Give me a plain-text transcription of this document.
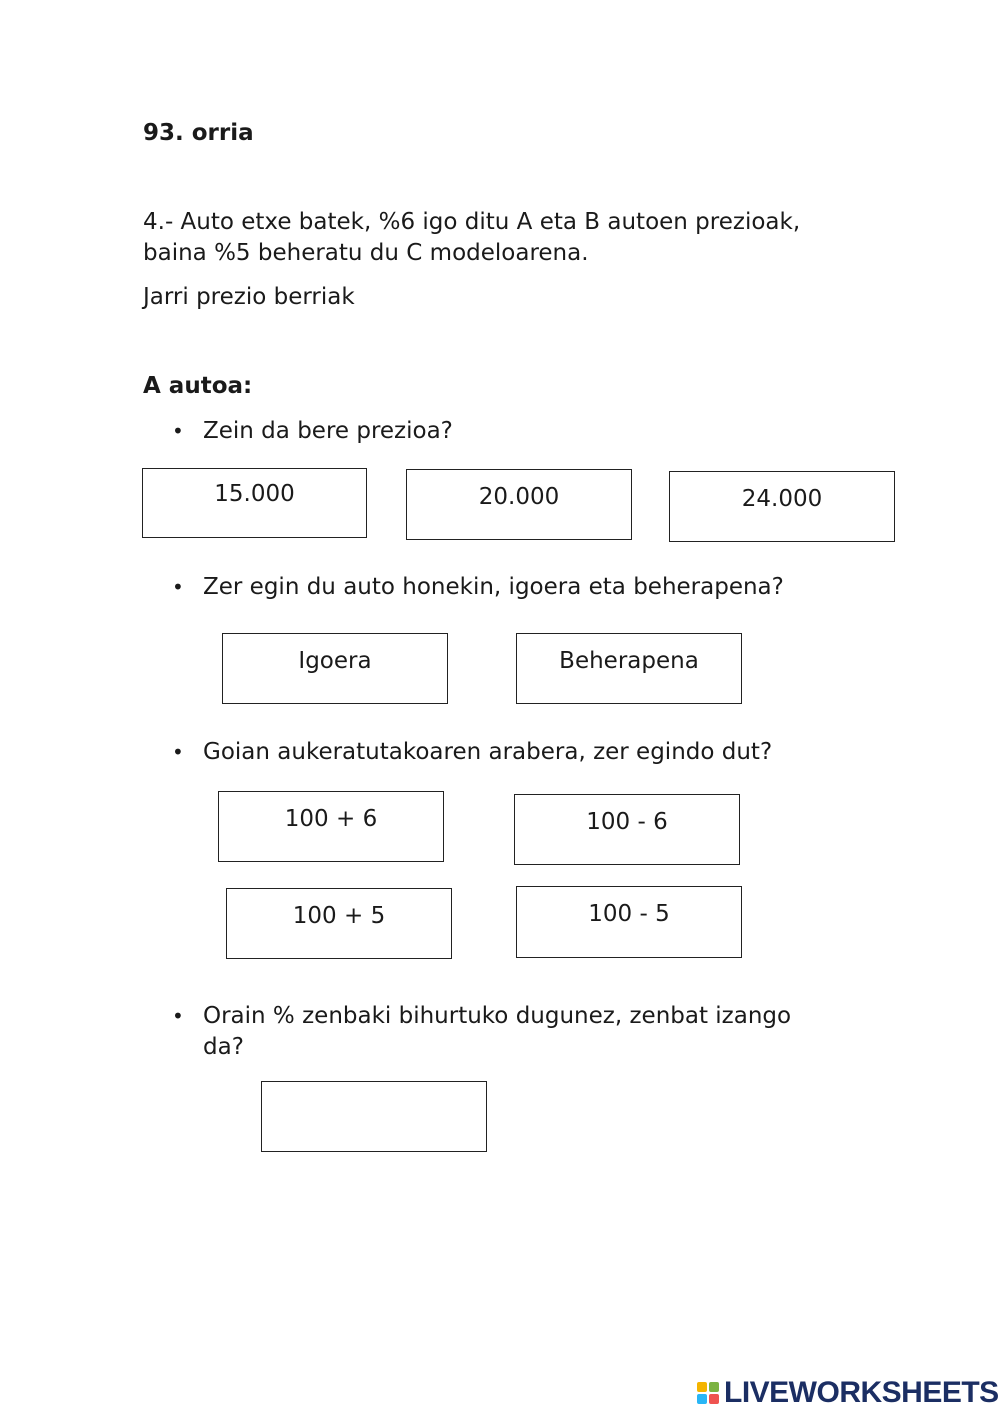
93. orria
4.- Auto etxe batek, %6 igo ditu A eta B autoen prezioak,
baina %5 beheratu du C modeloarena.
Jarri prezio berriak
A autoa:
• Zein da bere prezioa?
15.000	20.000	24.000
• Zer egin du auto honekin, igoera eta beherapena?
Igoera	Beherapena
• Goian aukeratutakoaren arabera, zer egindo dut?
100 + 6	100 - 6
100 + 5	100 - 5
• Orain % zenbaki bihurtuko dugunez, zenbat izango
da?
LIVEWORKSHEETS
